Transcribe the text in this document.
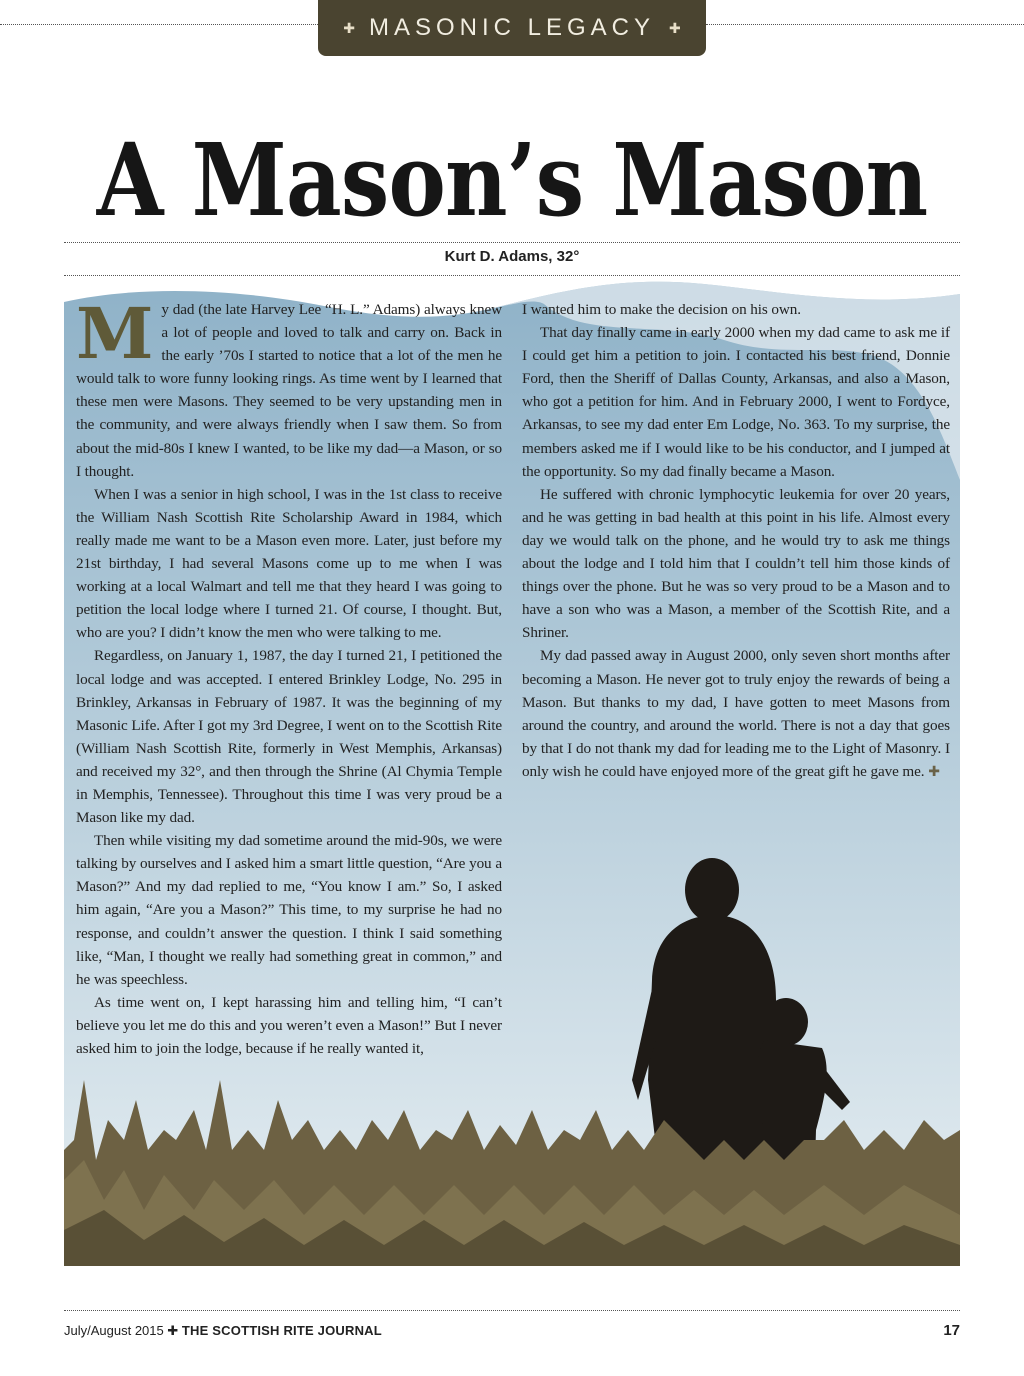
✚ MASONIC LEGACY ✚
A Mason’s Mason
Kurt D. Adams, 32°
M y dad (the late Harvey Lee “H. L.” Adams) always knew a lot of people and loved to talk and carry on. Back in the early ’70s I started to notice that a lot of the men he would talk to wore funny looking rings. As time went by I learned that these men were Masons. They seemed to be very upstanding men in the community, and were always friendly when I saw them. So from about the mid-80s I knew I wanted, to be like my dad—a Mason, or so I thought.

When I was a senior in high school, I was in the 1st class to receive the William Nash Scottish Rite Scholarship Award in 1984, which really made me want to be a Mason even more. Later, just before my 21st birthday, I had several Masons come up to me when I was working at a local Walmart and tell me that they heard I was going to petition the local lodge where I turned 21. Of course, I thought. But, who are you? I didn’t know the men who were talking to me.

Regardless, on January 1, 1987, the day I turned 21, I petitioned the local lodge and was accepted. I entered Brinkley Lodge, No. 295 in Brinkley, Arkansas in February of 1987. It was the beginning of my Masonic Life. After I got my 3rd Degree, I went on to the Scottish Rite (William Nash Scottish Rite, formerly in West Memphis, Arkansas) and received my 32°, and then through the Shrine (Al Chymia Temple in Memphis, Tennessee). Throughout this time I was very proud be a Mason like my dad.

Then while visiting my dad sometime around the mid-90s, we were talking by ourselves and I asked him a smart little question, “Are you a Mason?” And my dad replied to me, “You know I am.” So, I asked him again, “Are you a Mason?” This time, to my surprise he had no response, and couldn’t answer the question. I think I said something like, “Man, I thought we really had something great in common,” and he was speechless.

As time went on, I kept harassing him and telling him, “I can’t believe you let me do this and you weren’t even a Mason!” But I never asked him to join the lodge, because if he really wanted it,

I wanted him to make the decision on his own.

That day finally came in early 2000 when my dad came to ask me if I could get him a petition to join. I contacted his best friend, Donnie Ford, then the Sheriff of Dallas County, Arkansas, and also a Mason, who got a petition for him. And in February 2000, I went to Fordyce, Arkansas, to see my dad enter Em Lodge, No. 363. To my surprise, the members asked me if I would like to be his conductor, and I jumped at the opportunity. So my dad finally became a Mason.

He suffered with chronic lymphocytic leukemia for over 20 years, and he was getting in bad health at this point in his life. Almost every day we would talk on the phone, and he would try to ask me things about the lodge and I told him that I couldn’t tell him those kinds of things over the phone. But he was so very proud to be a Mason and to have a son who was a Mason, a member of the Scottish Rite, and a Shriner.

My dad passed away in August 2000, only seven short months after becoming a Mason. He never got to truly enjoy the rewards of being a Mason. But thanks to my dad, I have gotten to meet Masons from around the country, and around the world. There is not a day that goes by that I do not thank my dad for leading me to the Light of Masonry. I only wish he could have enjoyed more of the great gift he gave me. ✚

July/August 2015 ✚ THE SCOTTISH RITE JOURNAL	17
